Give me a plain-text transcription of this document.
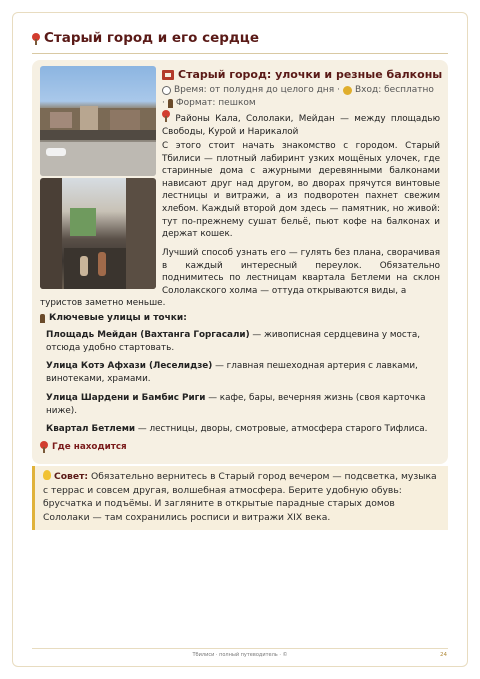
Старый город и его сердце
Старый город: улочки и резные балконы
Время: от полудня до целого дня · Вход: бесплатно
· Формат: пешком
Районы Кала, Сололаки, Мейдан — между площадью Свободы, Курой и Нарикалой
С этого стоит начать знакомство с городом. Старый Тбилиси — плотный лабиринт узких мощёных улочек, где старинные дома с ажурными деревянными балконами нависают друг над другом, во дворах прячутся винтовые лестницы и витражи, а из подворотен пахнет свежим хлебом. Каждый второй дом здесь — памятник, но живой: тут по-прежнему сушат бельё, пьют кофе на балконах и держат кошек.
Лучший способ узнать его — гулять без плана, сворачивая в каждый интересный переулок. Обязательно поднимитесь по лестницам квартала Бетлеми на склон Сололакского холма — оттуда открываются виды, а
туристов заметно меньше.
Ключевые улицы и точки:
Площадь Мейдан (Вахтанга Горгасали) — живописная сердцевина у моста, отсюда удобно стартовать.
Улица Котэ Афхази (Леселидзе) — главная пешеходная артерия с лавками, винотеками, храмами.
Улица Шардени и Бамбис Риги — кафе, бары, вечерняя жизнь (своя карточка ниже).
Квартал Бетлеми — лестницы, дворы, смотровые, атмосфера старого Тифлиса.
Где находится
Совет: Обязательно вернитесь в Старый город вечером — подсветка, музыка с террас и совсем другая, волшебная атмосфера. Берите удобную обувь: брусчатка и подъёмы. И загляните в открытые парадные старых домов Сололаки — там сохранились росписи и витражи XIX века.
Тбилиси · полный путеводитель · ©	24
